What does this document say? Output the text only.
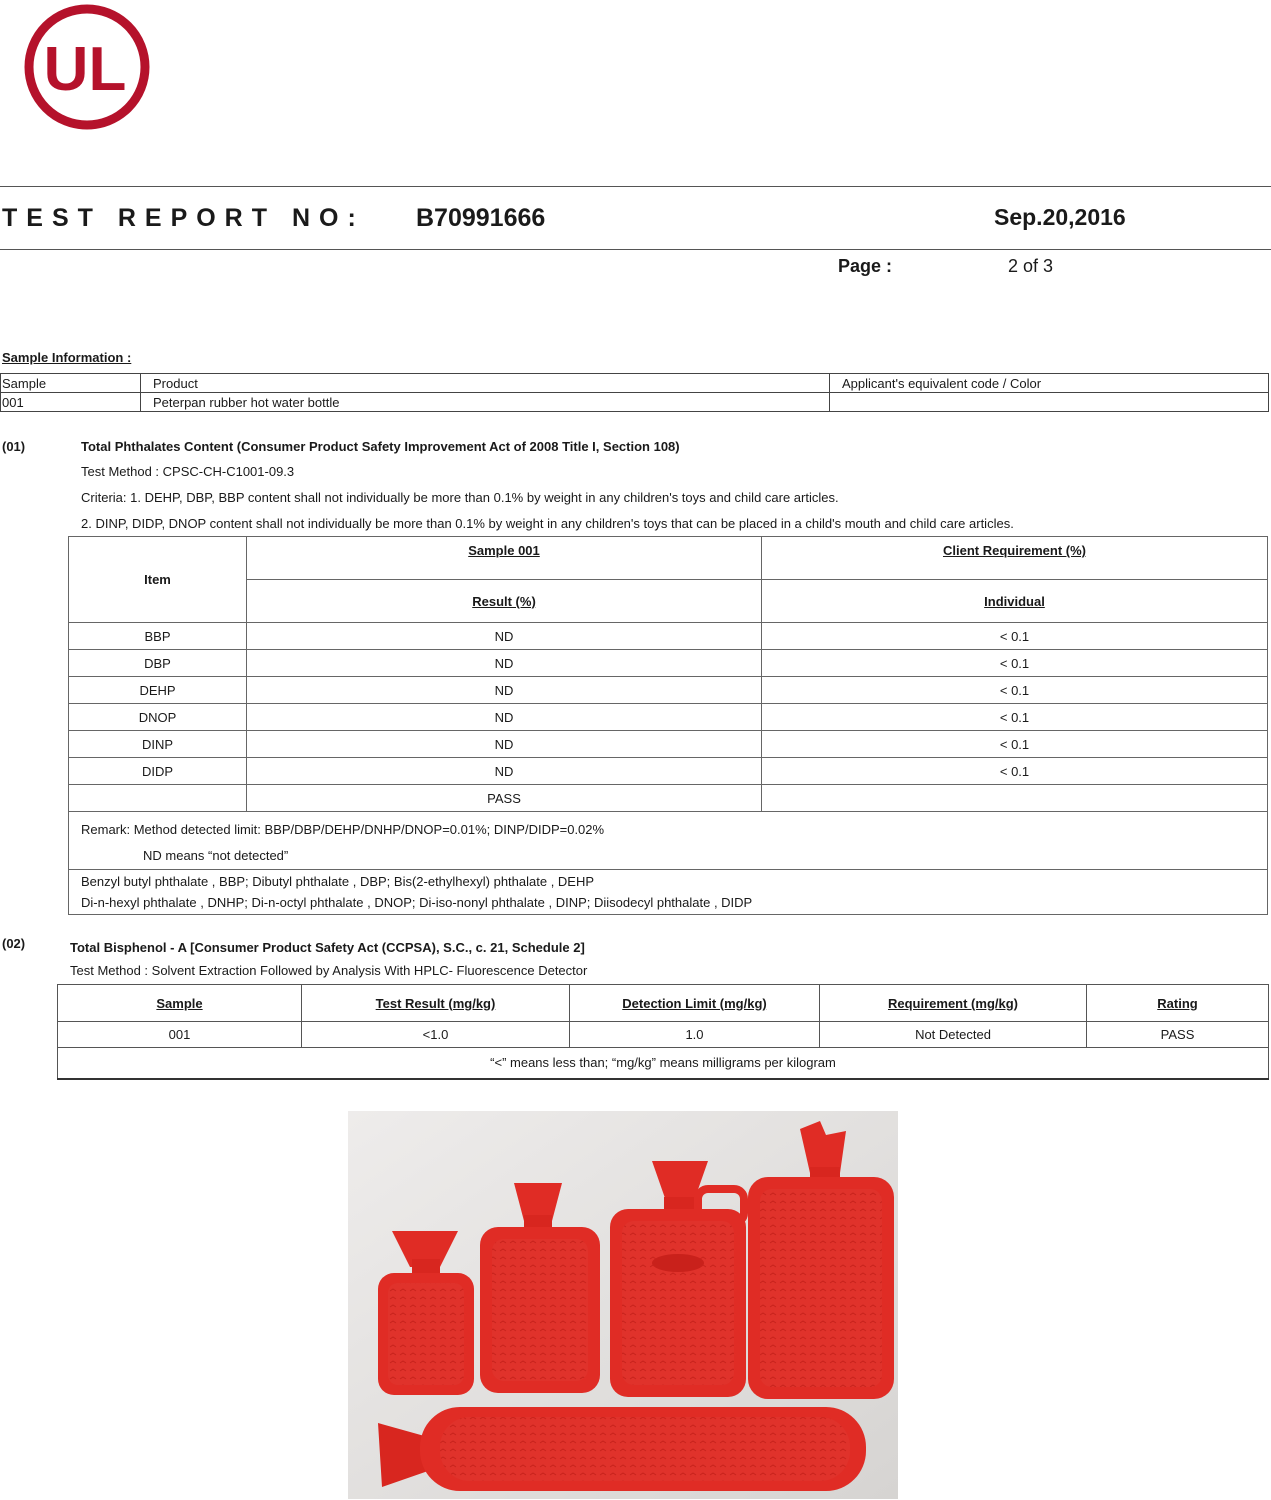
UL
TEST REPORT NO: B70991666	Sep.20,2016
Page :	2 of 3
Sample Information :
Sample	Product	Applicant's equivalent code / Color
001	Peterpan rubber hot water bottle	
(01)	Total Phthalates Content (Consumer Product Safety Improvement Act of 2008 Title I, Section 108)
Test Method : CPSC-CH-C1001-09.3
Criteria: 1. DEHP, DBP, BBP content shall not individually be more than 0.1% by weight in any children's toys and child care articles.
2. DINP, DIDP, DNOP content shall not individually be more than 0.1% by weight in any children's toys that can be placed in a child's mouth and child care articles.
Item	Sample 001	Client Requirement (%)
	Result (%)	Individual
BBP	ND	< 0.1
DBP	ND	< 0.1
DEHP	ND	< 0.1
DNOP	ND	< 0.1
DINP	ND	< 0.1
DIDP	ND	< 0.1
	PASS	

Remark: Method detected limit: BBP/DBP/DEHP/DNHP/DNOP=0.01%; DINP/DIDP=0.02%
ND means “not detected”		

Benzyl butyl phthalate , BBP; Dibutyl phthalate , DBP; Bis(2-ethylhexyl) phthalate , DEHP
Di-n-hexyl phthalate , DNHP; Di-n-octyl phthalate , DNOP; Di-iso-nonyl phthalate , DINP; Diisodecyl phthalate , DIDP		
(02)	Total Bisphenol - A [Consumer Product Safety Act (CCPSA), S.C., c. 21, Schedule 2]
Test Method : Solvent Extraction Followed by Analysis With HPLC- Fluorescence Detector
Sample	Test Result (mg/kg)	Detection Limit (mg/kg)	Requirement (mg/kg)	Rating
001	<1.0	1.0	Not Detected	PASS
“<” means less than; “mg/kg” means milligrams per kilogram				
